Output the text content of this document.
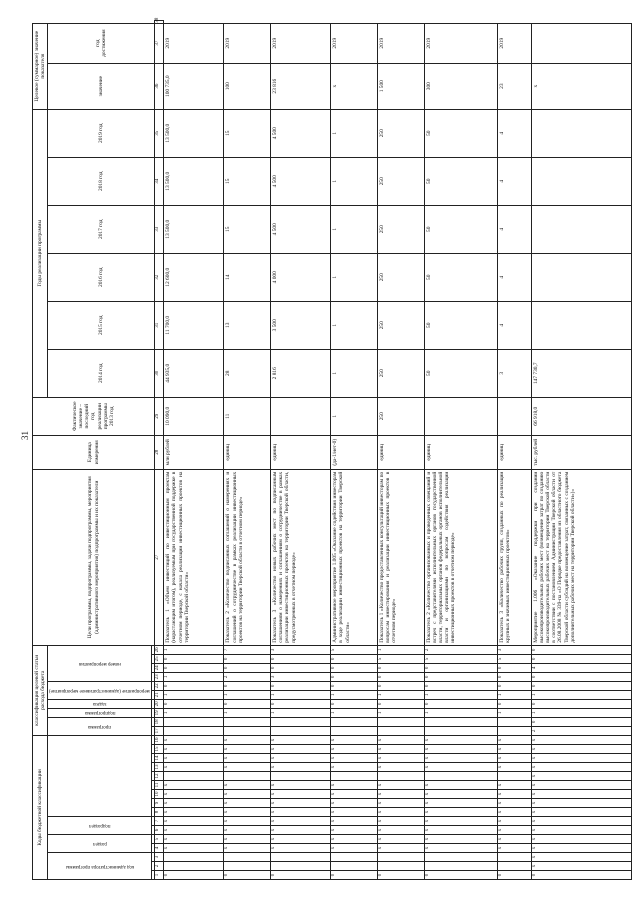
31
Коды бюджетной классификации																классификация целевой статьи расхода бюджета										Цели программы, подпрограммы, задачи подпрограммы, мероприятия (административного мероприятия) подпрограммы и их показатели	Единица измерения	Фактическое значение – последний год реализации программы 2013 год	Годы реализации программы						Целевое (суммарное) значение показателя		

код администратора программы			раздел		подраздел											программа		подпрограмма	задача	мероприятие (административное мероприятие)		номер мероприятия							2014 год	2015 год	2016 год	2017 год	2018 год	2019 год	значение	год достижения	

1	2	3	4	5	6	7	8	9	10	11	12	13	14	15	16	17	18	19	20	21	22	23	24	25	26	27	28	29	30	31	32	33	34	35	36	37	38
0			x	x	x	x	x	x	x	x		x	x	x	x			1	0	1	0	1	0	0	1	Показатель 1 «Объем инвестиций по инвестиционным проектам (нарастающим итогом), реализуемым при государственной поддержке в отчетном периоде, с начала реализации инвестиционных проектов на территории Тверской области»	млн рублей	10 090,0	44 935,0	11 700,0	12 600,0	13 500,0	13 500,0	13 500,0	100 735,0	2019	
0			x	x	x	x	x	x	x	x		x	x	x	x			1	0	1	0	2	0	0	7	Показатель 2 «Количество подписанных соглашений о намерениях и соглашений о сотрудничестве в рамках реализации инвестиционных проектов на территории Тверской области в отчетном периоде»	единиц	11	28	13	14	15	15	15	100	2019	
0			x	x	x	x	x	x	x	x		x	x	x	x			1	0	1	0	3	0	0	3	Показатель 3 «Количество новых рабочих мест по подписанным соглашениям о намерениях и соглашениям о сотрудничестве в рамках реализации инвестиционных проектов на территории Тверской области, предусмотренных в отчетном периоде»	единиц		2 816	3 500	4 000	4 500	4 500	4 500	23 816	2019	
0			x	x	x	x	x	x	x	x		x	x	x	x			1	0	1	0	0	0	0	5	Административное мероприятие 1.005 «Оказание содействия инвесторам в ходе реализации инвестиционных проектов на территории Тверской области»	(да-1/нет-0)	1	1	1	1	1	1	1	x	2019	
0			x	x	x	x	x	x	x	x		x	x	x	x			1	0	1	0	0	0	5	1	Показатель 1 «Количество предоставленных консультаций инвесторам по вопросам инвестирования и реализации инвестиционных проектов в отчетном периоде»	единиц	250	250	250	250	250	250	250	1 500	2019	
0			x	x	x	x	x	x	x	x		x	x	x	x			1	0	1	0	0	0	5	2	Показатель 2 «Количество организованных и проведенных совещаний и встреч с представителями исполнительных органов государственной власти, территориальных органов федеральных органов исполнительной власти и организациями по вопросам содействия реализации инвестиционных проектов в отчетном периоде»	единиц		50	50	50	50	50	50	300	2019	
0			x	x	x	x	x	x	x	x		x	x	x	x			1	0	1	0	0	0	5	3	Показатель 3 «Количество рабочих групп, созданных по реализации крупных и значимых инвестиционных проектов»	единиц		3	4	4	4	4	4	23	2019	
0	x	x	x	x	x	x	x	x	x	x	x	x	x	x	x	2	0	1	0	1	0	0	4	0	0	Мероприятие 1.006 «Оказание поддержки при создании высокопроизводительных рабочих мест (возмещение затрат по созданию высокопроизводительных рабочих мест на территории Тверской области в соответствии с постановлением Администрации Тверской области от 26.08.2008 № 339-па «О Порядке предоставления из областного бюджета Тверской области субсидий на возмещение затрат, связанных с созданием дополнительных рабочих мест на территории Тверской области»)»	тыс. рублей	66 918,0	147 730,7						x		
